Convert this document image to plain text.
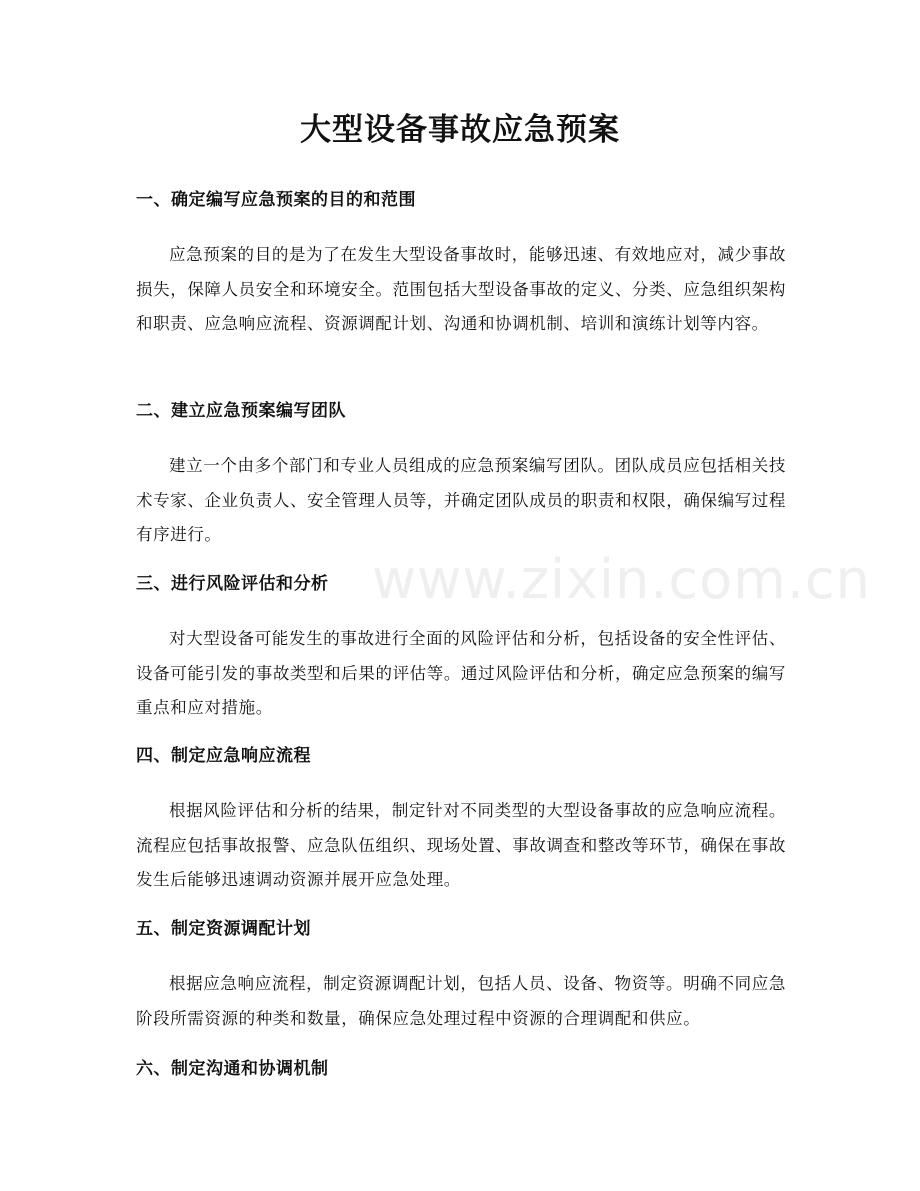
大型设备事故应急预案
www.zixin.com.cn
一、确定编写应急预案的目的和范围

应急预案的目的是为了在发生大型设备事故时，能够迅速、有效地应对，减少事故损失，保障人员安全和环境安全。范围包括大型设备事故的定义、分类、应急组织架构和职责、应急响应流程、资源调配计划、沟通和协调机制、培训和演练计划等内容。

二、建立应急预案编写团队

建立一个由多个部门和专业人员组成的应急预案编写团队。团队成员应包括相关技术专家、企业负责人、安全管理人员等，并确定团队成员的职责和权限，确保编写过程有序进行。

三、进行风险评估和分析

对大型设备可能发生的事故进行全面的风险评估和分析，包括设备的安全性评估、设备可能引发的事故类型和后果的评估等。通过风险评估和分析，确定应急预案的编写重点和应对措施。

四、制定应急响应流程

根据风险评估和分析的结果，制定针对不同类型的大型设备事故的应急响应流程。流程应包括事故报警、应急队伍组织、现场处置、事故调查和整改等环节，确保在事故发生后能够迅速调动资源并展开应急处理。

五、制定资源调配计划

根据应急响应流程，制定资源调配计划，包括人员、设备、物资等。明确不同应急阶段所需资源的种类和数量，确保应急处理过程中资源的合理调配和供应。

六、制定沟通和协调机制
